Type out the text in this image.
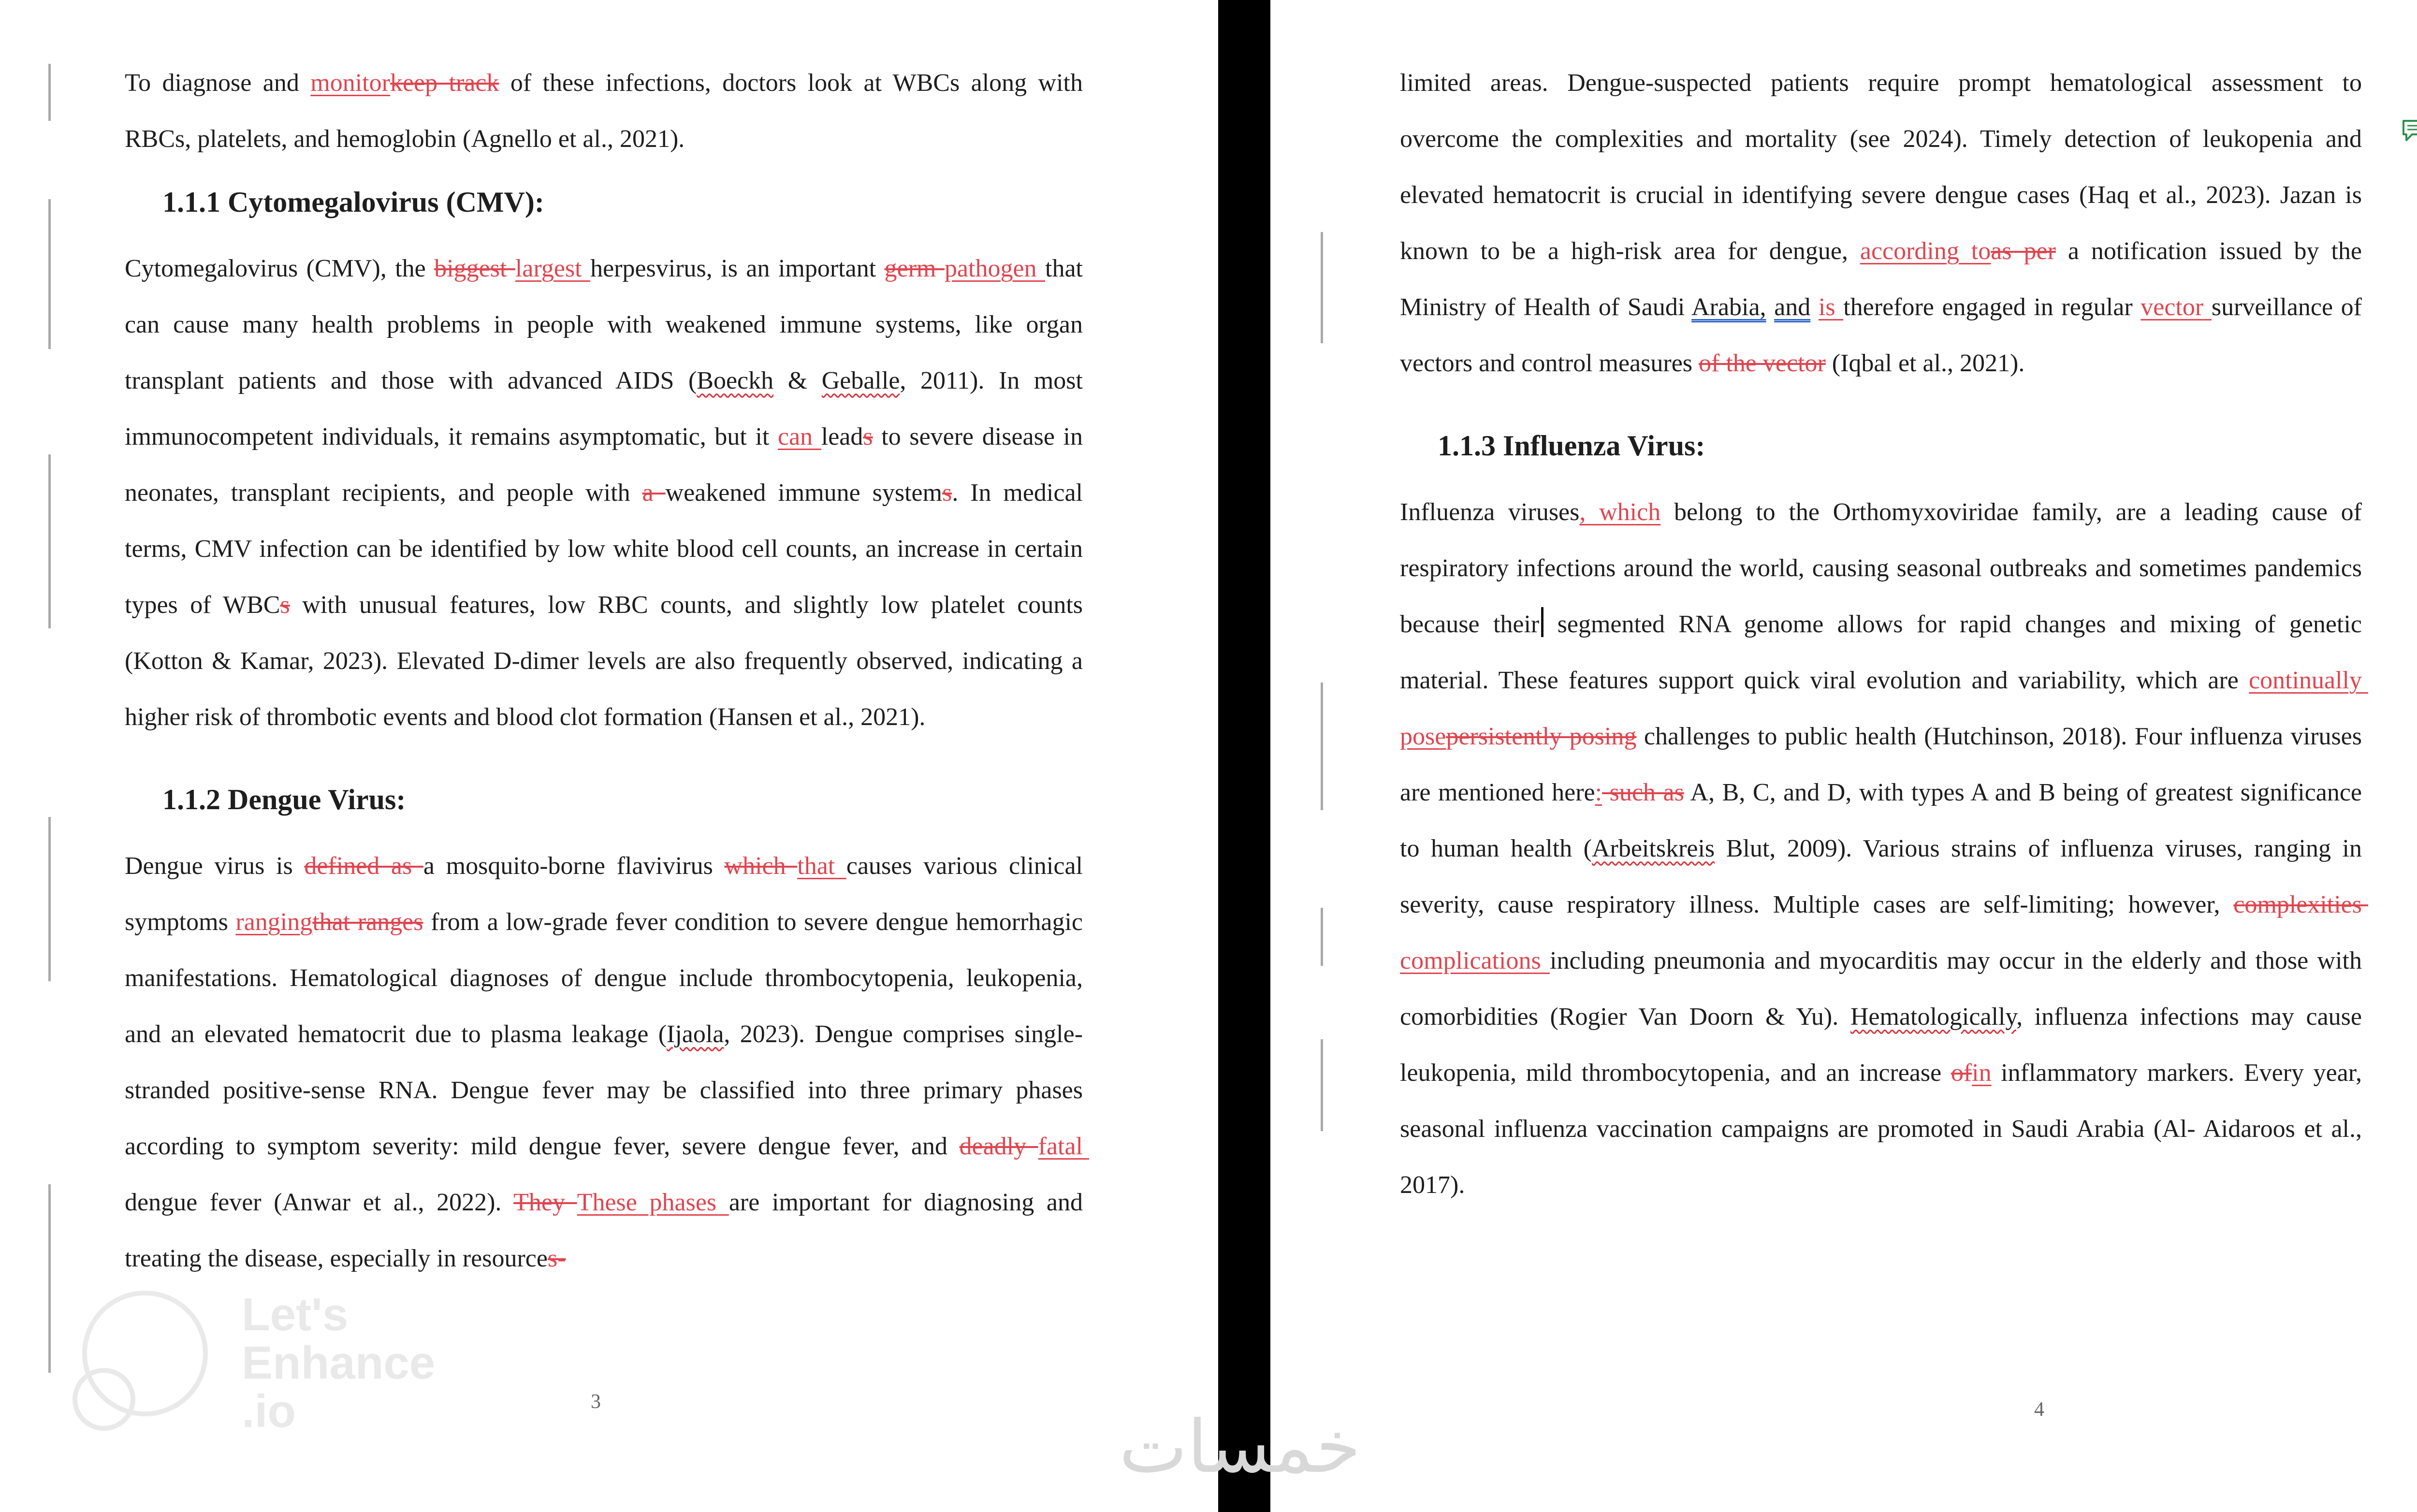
To diagnose and monitorkeep track of these infections, doctors look at WBCs along with RBCs, platelets, and hemoglobin (Agnello et al., 2021).

1.1.1 Cytomegalovirus (CMV):

Cytomegalovirus (CMV), the biggest largest herpesvirus, is an important germ pathogen that can cause many health problems in people with weakened immune systems, like organ transplant patients and those with advanced AIDS (Boeckh & Geballe, 2011). In most immunocompetent individuals, it remains asymptomatic, but it can leads to severe disease in neonates, transplant recipients, and people with a weakened immune systems. In medical terms, CMV infection can be identified by low white blood cell counts, an increase in certain types of WBCs with unusual features, low RBC counts, and slightly low platelet counts (Kotton & Kamar, 2023). Elevated D-dimer levels are also frequently observed, indicating a higher risk of thrombotic events and blood clot formation (Hansen et al., 2021).

1.1.2 Dengue Virus:

Dengue virus is defined as a mosquito-borne flavivirus which that causes various clinical symptoms rangingthat ranges from a low-grade fever condition to severe dengue hemorrhagic manifestations. Hematological diagnoses of dengue include thrombocytopenia, leukopenia, and an elevated hematocrit due to plasma leakage (Ijaola, 2023). Dengue comprises single-stranded positive-sense RNA. Dengue fever may be classified into three primary phases according to symptom severity: mild dengue fever, severe dengue fever, and deadly fatal dengue fever (Anwar et al., 2022). They These phases are important for diagnosing and treating the disease, especially in resources-

3
Let's
Enhance
.io

limited areas. Dengue-suspected patients require prompt hematological assessment to overcome the complexities and mortality (see 2024). Timely detection of leukopenia and elevated hematocrit is crucial in identifying severe dengue cases (Haq et al., 2023). Jazan is known to be a high-risk area for dengue, according toas per a notification issued by the Ministry of Health of Saudi Arabia, and is therefore engaged in regular vector surveillance of vectors and control measures of the vector (Iqbal et al., 2021).

1.1.3 Influenza Virus:

Influenza viruses, which belong to the Orthomyxoviridae family, are a leading cause of respiratory infections around the world, causing seasonal outbreaks and sometimes pandemics because their segmented RNA genome allows for rapid changes and mixing of genetic material. These features support quick viral evolution and variability, which are continually posepersistently posing challenges to public health (Hutchinson, 2018). Four influenza viruses are mentioned here: such as A, B, C, and D, with types A and B being of greatest significance to human health (Arbeitskreis Blut, 2009). Various strains of influenza viruses, ranging in severity, cause respiratory illness. Multiple cases are self-limiting; however, complexities complications including pneumonia and myocarditis may occur in the elderly and those with comorbidities (Rogier Van Doorn & Yu). Hematologically, influenza infections may cause leukopenia, mild thrombocytopenia, and an increase ofin inflammatory markers. Every year, seasonal influenza vaccination campaigns are promoted in Saudi Arabia (Al- Aidaroos et al., 2017).

4
خمسات
